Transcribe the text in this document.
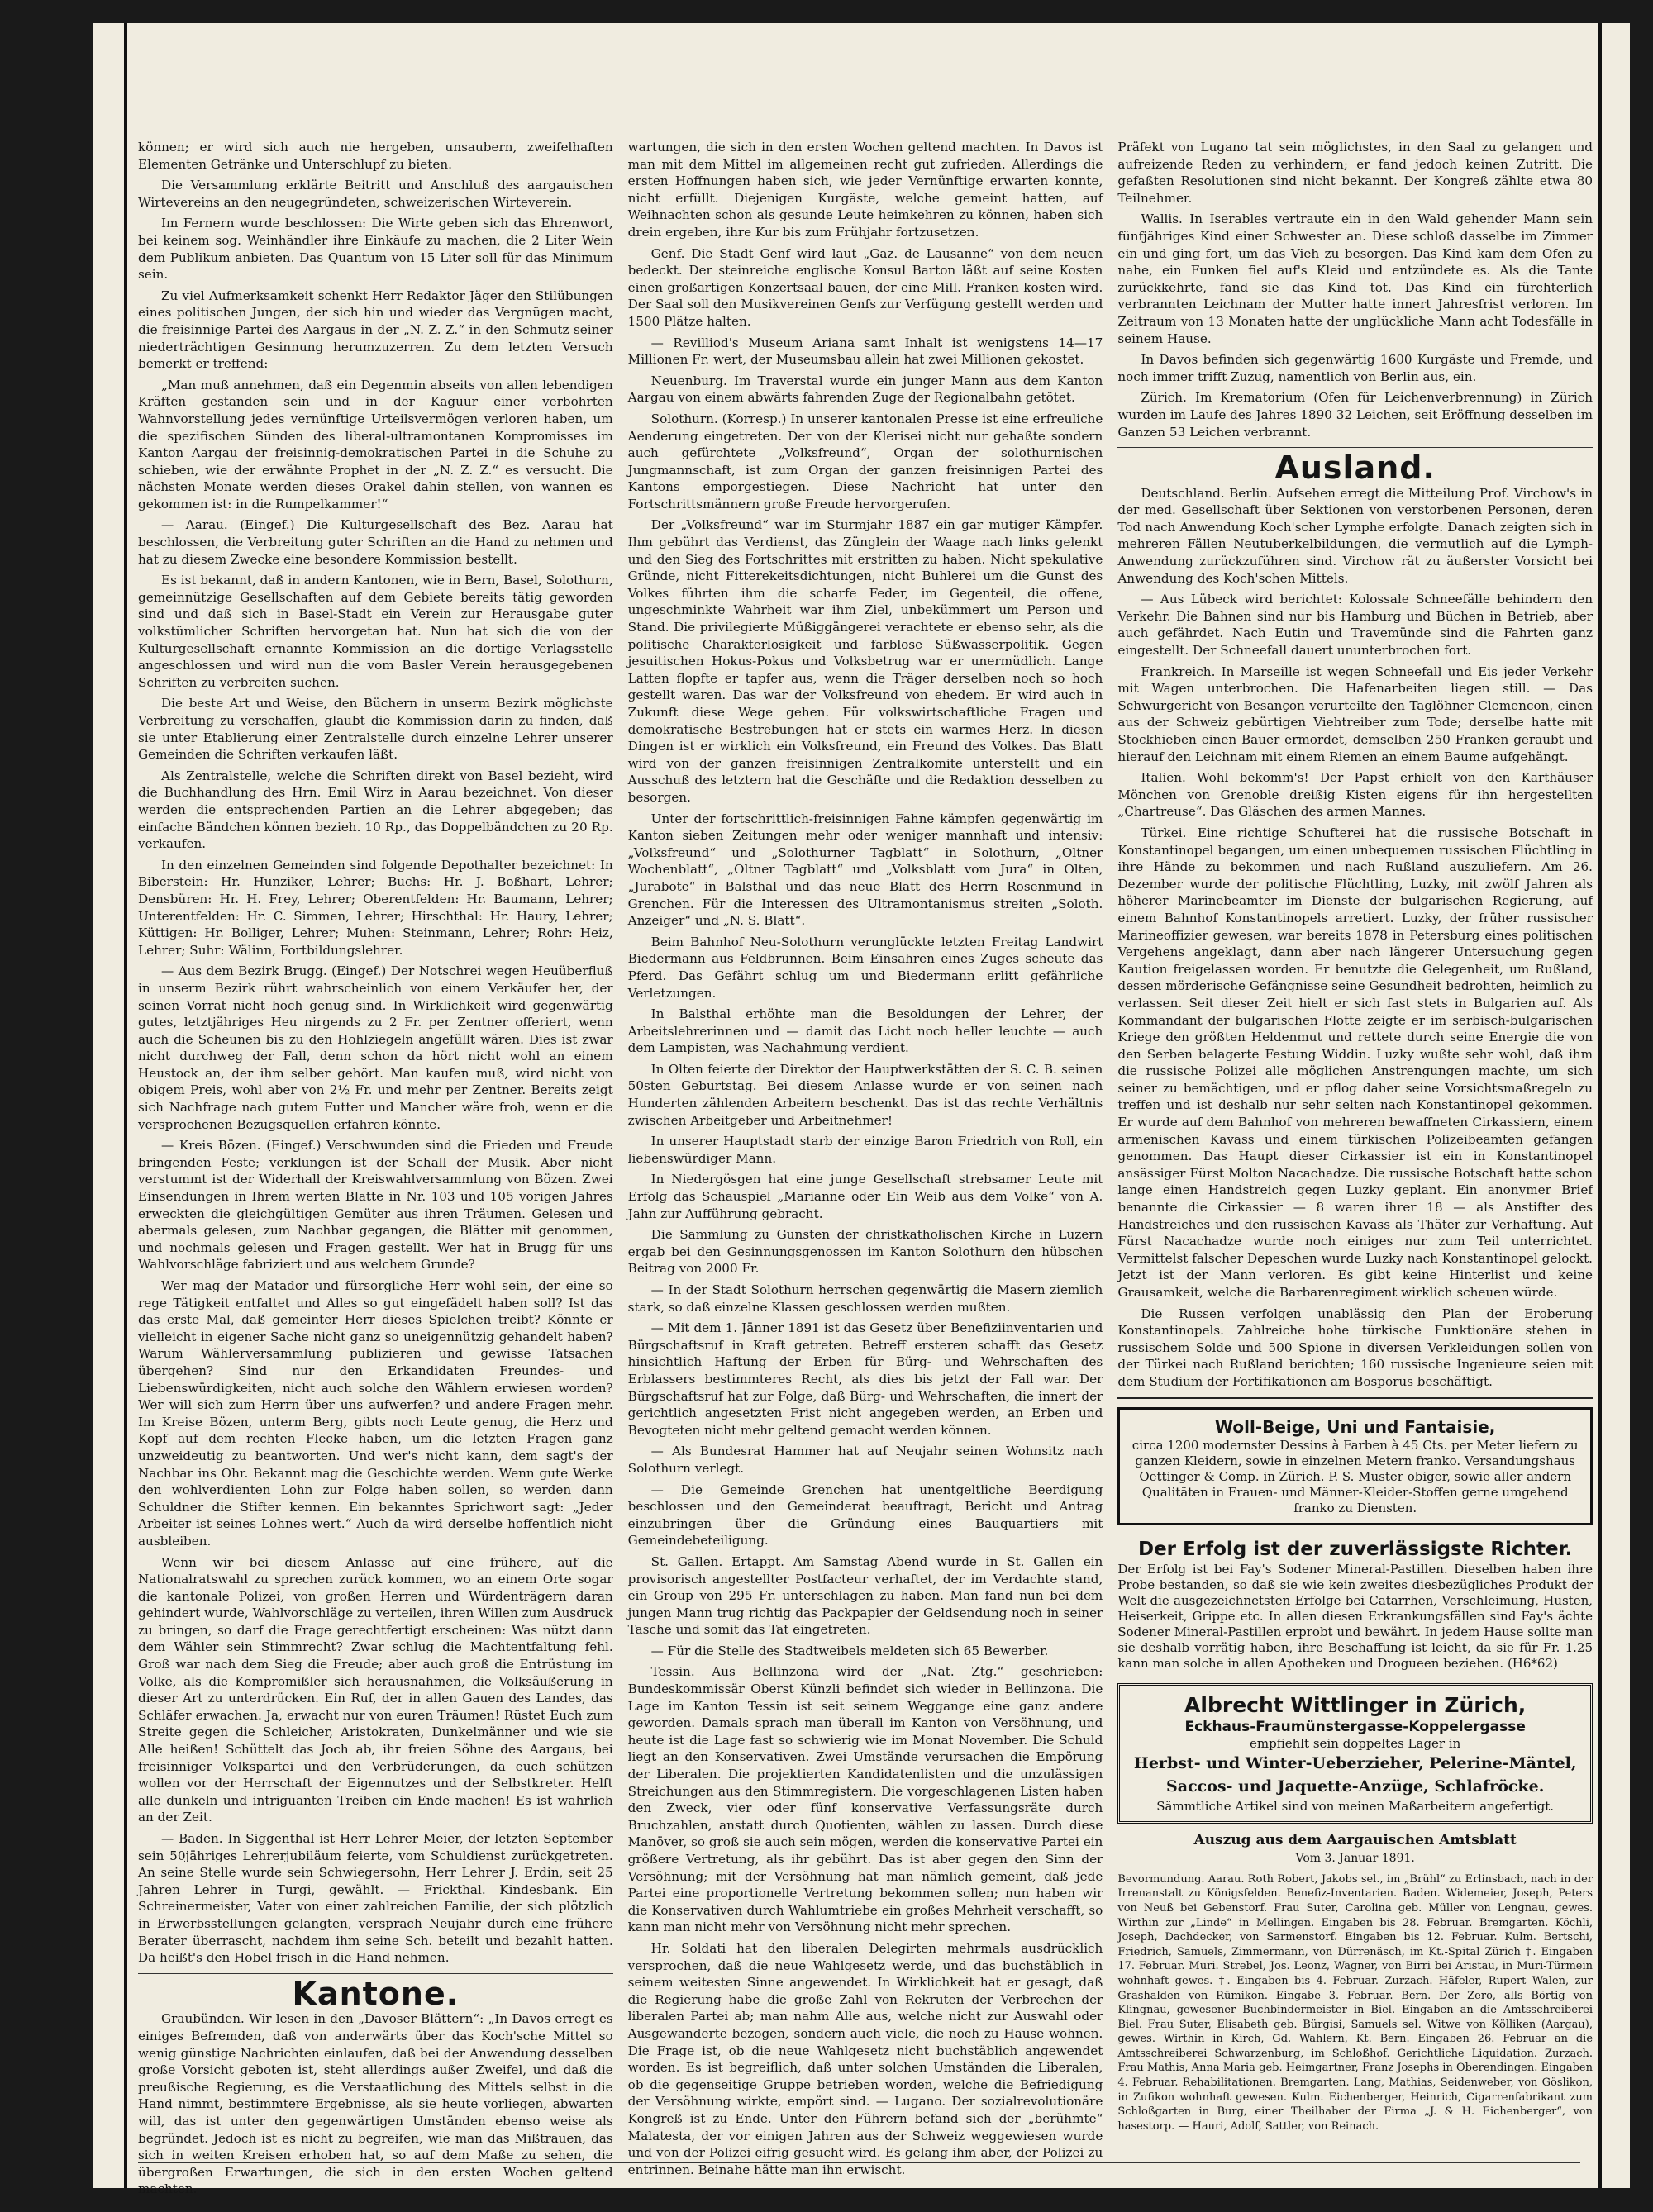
können; er wird sich auch nie hergeben, unsaubern, zweifelhaften Elementen Getränke und Unterschlupf zu bieten.

Die Versammlung erklärte Beitritt und Anschluß des aargauischen Wirtevereins an den neugegründeten, schweizerischen Wirteverein.

Im Fernern wurde beschlossen: Die Wirte geben sich das Ehrenwort, bei keinem sog. Weinhändler ihre Einkäufe zu machen, die 2 Liter Wein dem Publikum anbieten. Das Quantum von 15 Liter soll für das Minimum sein.

Zu viel Aufmerksamkeit schenkt Herr Redaktor Jäger den Stilübungen eines politischen Jungen, der sich hin und wieder das Vergnügen macht, die freisinnige Partei des Aargaus in der „N. Z. Z.“ in den Schmutz seiner niederträchtigen Gesinnung herumzuzerren. Zu dem letzten Versuch bemerkt er treffend:

„Man muß annehmen, daß ein Degenmin abseits von allen lebendigen Kräften gestanden sein und in der Kaguur einer verbohrten Wahnvorstellung jedes vernünftige Urteilsvermögen verloren haben, um die spezifischen Sünden des liberal-ultramontanen Kompromisses im Kanton Aargau der freisinnig-demokratischen Partei in die Schuhe zu schieben, wie der erwähnte Prophet in der „N. Z. Z.“ es versucht. Die nächsten Monate werden dieses Orakel dahin stellen, von wannen es gekommen ist: in die Rumpelkammer!“

— Aarau. (Eingef.) Die Kulturgesellschaft des Bez. Aarau hat beschlossen, die Verbreitung guter Schriften an die Hand zu nehmen und hat zu diesem Zwecke eine besondere Kommission bestellt.

Es ist bekannt, daß in andern Kantonen, wie in Bern, Basel, Solothurn, gemeinnützige Gesellschaften auf dem Gebiete bereits tätig geworden sind und daß sich in Basel-Stadt ein Verein zur Herausgabe guter volkstümlicher Schriften hervorgetan hat. Nun hat sich die von der Kulturgesellschaft ernannte Kommission an die dortige Verlagsstelle angeschlossen und wird nun die vom Basler Verein herausgegebenen Schriften zu verbreiten suchen.

Die beste Art und Weise, den Büchern in unserm Bezirk möglichste Verbreitung zu verschaffen, glaubt die Kommission darin zu finden, daß sie unter Etablierung einer Zentralstelle durch einzelne Lehrer unserer Gemeinden die Schriften verkaufen läßt.

Als Zentralstelle, welche die Schriften direkt von Basel bezieht, wird die Buchhandlung des Hrn. Emil Wirz in Aarau bezeichnet. Von dieser werden die entsprechenden Partien an die Lehrer abgegeben; das einfache Bändchen können bezieh. 10 Rp., das Doppelbändchen zu 20 Rp. verkaufen.

In den einzelnen Gemeinden sind folgende Depothalter bezeichnet: In Biberstein: Hr. Hunziker, Lehrer; Buchs: Hr. J. Boßhart, Lehrer; Densbüren: Hr. H. Frey, Lehrer; Oberentfelden: Hr. Baumann, Lehrer; Unterentfelden: Hr. C. Simmen, Lehrer; Hirschthal: Hr. Haury, Lehrer; Küttigen: Hr. Bolliger, Lehrer; Muhen: Steinmann, Lehrer; Rohr: Heiz, Lehrer; Suhr: Wälinn, Fortbildungslehrer.

— Aus dem Bezirk Brugg. (Eingef.) Der Notschrei wegen Heuüberfluß in unserm Bezirk rührt wahrscheinlich von einem Verkäufer her, der seinen Vorrat nicht hoch genug sind. In Wirklichkeit wird gegenwärtig gutes, letztjähriges Heu nirgends zu 2 Fr. per Zentner offeriert, wenn auch die Scheunen bis zu den Hohlziegeln angefüllt wären. Dies ist zwar nicht durchweg der Fall, denn schon da hört nicht wohl an einem Heustock an, der ihm selber gehört. Man kaufen muß, wird nicht von obigem Preis, wohl aber von 2½ Fr. und mehr per Zentner. Bereits zeigt sich Nachfrage nach gutem Futter und Mancher wäre froh, wenn er die versprochenen Bezugsquellen erfahren könnte.

— Kreis Bözen. (Eingef.) Verschwunden sind die Frieden und Freude bringenden Feste; verklungen ist der Schall der Musik. Aber nicht verstummt ist der Widerhall der Kreiswahlversammlung von Bözen. Zwei Einsendungen in Ihrem werten Blatte in Nr. 103 und 105 vorigen Jahres erweckten die gleichgültigen Gemüter aus ihren Träumen. Gelesen und abermals gelesen, zum Nachbar gegangen, die Blätter mit genommen, und nochmals gelesen und Fragen gestellt. Wer hat in Brugg für uns Wahlvorschläge fabriziert und aus welchem Grunde?

Wer mag der Matador und fürsorgliche Herr wohl sein, der eine so rege Tätigkeit entfaltet und Alles so gut eingefädelt haben soll? Ist das das erste Mal, daß gemeinter Herr dieses Spielchen treibt? Könnte er vielleicht in eigener Sache nicht ganz so uneigennützig gehandelt haben? Warum Wählerversammlung publizieren und gewisse Tatsachen übergehen? Sind nur den Erkandidaten Freundes- und Liebenswürdigkeiten, nicht auch solche den Wählern erwiesen worden? Wer will sich zum Herrn über uns aufwerfen? und andere Fragen mehr. Im Kreise Bözen, unterm Berg, gibts noch Leute genug, die Herz und Kopf auf dem rechten Flecke haben, um die letzten Fragen ganz unzweideutig zu beantworten. Und wer's nicht kann, dem sagt's der Nachbar ins Ohr. Bekannt mag die Geschichte werden. Wenn gute Werke den wohlverdienten Lohn zur Folge haben sollen, so werden dann Schuldner die Stifter kennen. Ein bekanntes Sprichwort sagt: „Jeder Arbeiter ist seines Lohnes wert.“ Auch da wird derselbe hoffentlich nicht ausbleiben.

Wenn wir bei diesem Anlasse auf eine frühere, auf die Nationalratswahl zu sprechen zurück kommen, wo an einem Orte sogar die kantonale Polizei, von großen Herren und Würdenträgern daran gehindert wurde, Wahlvorschläge zu verteilen, ihren Willen zum Ausdruck zu bringen, so darf die Frage gerechtfertigt erscheinen: Was nützt dann dem Wähler sein Stimmrecht? Zwar schlug die Machtentfaltung fehl. Groß war nach dem Sieg die Freude; aber auch groß die Entrüstung im Volke, als die Kompromißler sich herausnahmen, die Volksäußerung in dieser Art zu unterdrücken. Ein Ruf, der in allen Gauen des Landes, das Schläfer erwachen. Ja, erwacht nur von euren Träumen! Rüstet Euch zum Streite gegen die Schleicher, Aristokraten, Dunkelmänner und wie sie Alle heißen! Schüttelt das Joch ab, ihr freien Söhne des Aargaus, bei freisinniger Volkspartei und den Verbrüderungen, da euch schützen wollen vor der Herrschaft der Eigennutzes und der Selbstkreter. Helft alle dunkeln und intriguanten Treiben ein Ende machen! Es ist wahrlich an der Zeit.

— Baden. In Siggenthal ist Herr Lehrer Meier, der letzten September sein 50jähriges Lehrerjubiläum feierte, vom Schuldienst zurückgetreten. An seine Stelle wurde sein Schwiegersohn, Herr Lehrer J. Erdin, seit 25 Jahren Lehrer in Turgi, gewählt. — Frickthal. Kindesbank. Ein Schreinermeister, Vater von einer zahlreichen Familie, der sich plötzlich in Erwerbsstellungen gelangten, versprach Neujahr durch eine frühere Berater überrascht, nachdem ihm seine Sch. beteilt und bezahlt hatten. Da heißt's den Hobel frisch in die Hand nehmen.

Kantone.

Graubünden. Wir lesen in den „Davoser Blättern“: „In Davos erregt es einiges Befremden, daß von anderwärts über das Koch'sche Mittel so wenig günstige Nachrichten einlaufen, daß bei der Anwendung desselben große Vorsicht geboten ist, steht allerdings außer Zweifel, und daß die preußische Regierung, es die Verstaatlichung des Mittels selbst in die Hand nimmt, bestimmtere Ergebnisse, als sie heute vorliegen, abwarten will, das ist unter den gegenwärtigen Umständen ebenso weise als begründet. Jedoch ist es nicht zu begreifen, wie man das Mißtrauen, das sich in weiten Kreisen erhoben hat, so auf dem Maße zu sehen, die übergroßen Erwartungen, die sich in den ersten Wochen geltend machten.

wartungen, die sich in den ersten Wochen geltend machten. In Davos ist man mit dem Mittel im allgemeinen recht gut zufrieden. Allerdings die ersten Hoffnungen haben sich, wie jeder Vernünftige erwarten konnte, nicht erfüllt. Diejenigen Kurgäste, welche gemeint hatten, auf Weihnachten schon als gesunde Leute heimkehren zu können, haben sich drein ergeben, ihre Kur bis zum Frühjahr fortzusetzen.

Genf. Die Stadt Genf wird laut „Gaz. de Lausanne“ von dem neuen bedeckt. Der steinreiche englische Konsul Barton läßt auf seine Kosten einen großartigen Konzertsaal bauen, der eine Mill. Franken kosten wird. Der Saal soll den Musikvereinen Genfs zur Verfügung gestellt werden und 1500 Plätze halten.

— Revilliod's Museum Ariana samt Inhalt ist wenigstens 14—17 Millionen Fr. wert, der Museumsbau allein hat zwei Millionen gekostet.

Neuenburg. Im Traverstal wurde ein junger Mann aus dem Kanton Aargau von einem abwärts fahrenden Zuge der Regionalbahn getötet.

Solothurn. (Korresp.) In unserer kantonalen Presse ist eine erfreuliche Aenderung eingetreten. Der von der Klerisei nicht nur gehaßte sondern auch gefürchtete „Volksfreund“, Organ der solothurnischen Jungmannschaft, ist zum Organ der ganzen freisinnigen Partei des Kantons emporgestiegen. Diese Nachricht hat unter den Fortschrittsmännern große Freude hervorgerufen.

Der „Volksfreund“ war im Sturmjahr 1887 ein gar mutiger Kämpfer. Ihm gebührt das Verdienst, das Zünglein der Waage nach links gelenkt und den Sieg des Fortschrittes mit erstritten zu haben. Nicht spekulative Gründe, nicht Fitterekeitsdichtungen, nicht Buhlerei um die Gunst des Volkes führten ihm die scharfe Feder, im Gegenteil, die offene, ungeschminkte Wahrheit war ihm Ziel, unbekümmert um Person und Stand. Die privilegierte Müßiggängerei verachtete er ebenso sehr, als die politische Charakterlosigkeit und farblose Süßwasserpolitik. Gegen jesuitischen Hokus-Pokus und Volksbetrug war er unermüdlich. Lange Latten flopfte er tapfer aus, wenn die Träger derselben noch so hoch gestellt waren. Das war der Volksfreund von ehedem. Er wird auch in Zukunft diese Wege gehen. Für volkswirtschaftliche Fragen und demokratische Bestrebungen hat er stets ein warmes Herz. In diesen Dingen ist er wirklich ein Volksfreund, ein Freund des Volkes. Das Blatt wird von der ganzen freisinnigen Zentralkomite unterstellt und ein Ausschuß des letztern hat die Geschäfte und die Redaktion desselben zu besorgen.

Unter der fortschrittlich-freisinnigen Fahne kämpfen gegenwärtig im Kanton sieben Zeitungen mehr oder weniger mannhaft und intensiv: „Volksfreund“ und „Solothurner Tagblatt“ in Solothurn, „Oltner Wochenblatt“, „Oltner Tagblatt“ und „Volksblatt vom Jura“ in Olten, „Jurabote“ in Balsthal und das neue Blatt des Herrn Rosenmund in Grenchen. Für die Interessen des Ultramontanismus streiten „Soloth. Anzeiger“ und „N. S. Blatt“.

Beim Bahnhof Neu-Solothurn verunglückte letzten Freitag Landwirt Biedermann aus Feldbrunnen. Beim Einsahren eines Zuges scheute das Pferd. Das Gefährt schlug um und Biedermann erlitt gefährliche Verletzungen.

In Balsthal erhöhte man die Besoldungen der Lehrer, der Arbeitslehrerinnen und — damit das Licht noch heller leuchte — auch dem Lampisten, was Nachahmung verdient.

In Olten feierte der Direktor der Hauptwerkstätten der S. C. B. seinen 50sten Geburtstag. Bei diesem Anlasse wurde er von seinen nach Hunderten zählenden Arbeitern beschenkt. Das ist das rechte Verhältnis zwischen Arbeitgeber und Arbeitnehmer!

In unserer Hauptstadt starb der einzige Baron Friedrich von Roll, ein liebenswürdiger Mann.

In Niedergösgen hat eine junge Gesellschaft strebsamer Leute mit Erfolg das Schauspiel „Marianne oder Ein Weib aus dem Volke“ von A. Jahn zur Aufführung gebracht.

Die Sammlung zu Gunsten der christkatholischen Kirche in Luzern ergab bei den Gesinnungsgenossen im Kanton Solothurn den hübschen Beitrag von 2000 Fr.

— In der Stadt Solothurn herrschen gegenwärtig die Masern ziemlich stark, so daß einzelne Klassen geschlossen werden mußten.

— Mit dem 1. Jänner 1891 ist das Gesetz über Benefiziinventarien und Bürgschaftsruf in Kraft getreten. Betreff ersteren schafft das Gesetz hinsichtlich Haftung der Erben für Bürg- und Wehrschaften des Erblassers bestimmteres Recht, als dies bis jetzt der Fall war. Der Bürgschaftsruf hat zur Folge, daß Bürg- und Wehrschaften, die innert der gerichtlich angesetzten Frist nicht angegeben werden, an Erben und Bevogteten nicht mehr geltend gemacht werden können.

— Als Bundesrat Hammer hat auf Neujahr seinen Wohnsitz nach Solothurn verlegt.

— Die Gemeinde Grenchen hat unentgeltliche Beerdigung beschlossen und den Gemeinderat beauftragt, Bericht und Antrag einzubringen über die Gründung eines Bauquartiers mit Gemeindebeteiligung.

St. Gallen. Ertappt. Am Samstag Abend wurde in St. Gallen ein provisorisch angestellter Postfacteur verhaftet, der im Verdachte stand, ein Group von 295 Fr. unterschlagen zu haben. Man fand nun bei dem jungen Mann trug richtig das Packpapier der Geldsendung noch in seiner Tasche und somit das Tat eingetreten.

— Für die Stelle des Stadtweibels meldeten sich 65 Bewerber.

Tessin. Aus Bellinzona wird der „Nat. Ztg.“ geschrieben: Bundeskommissär Oberst Künzli befindet sich wieder in Bellinzona. Die Lage im Kanton Tessin ist seit seinem Weggange eine ganz andere geworden. Damals sprach man überall im Kanton von Versöhnung, und heute ist die Lage fast so schwierig wie im Monat November. Die Schuld liegt an den Konservativen. Zwei Umstände verursachen die Empörung der Liberalen. Die projektierten Kandidatenlisten und die unzulässigen Streichungen aus den Stimmregistern. Die vorgeschlagenen Listen haben den Zweck, vier oder fünf konservative Verfassungsräte durch Bruchzahlen, anstatt durch Quotienten, wählen zu lassen. Durch diese Manöver, so groß sie auch sein mögen, werden die konservative Partei ein größere Vertretung, als ihr gebührt. Das ist aber gegen den Sinn der Versöhnung; mit der Versöhnung hat man nämlich gemeint, daß jede Partei eine proportionelle Vertretung bekommen sollen; nun haben wir die Konservativen durch Wahlumtriebe ein großes Mehrheit verschafft, so kann man nicht mehr von Versöhnung nicht mehr sprechen.

Hr. Soldati hat den liberalen Delegirten mehrmals ausdrücklich versprochen, daß die neue Wahlgesetz werde, und das buchstäblich in seinem weitesten Sinne angewendet. In Wirklichkeit hat er gesagt, daß die Regierung habe die große Zahl von Rekruten der Verbrechen der liberalen Partei ab; man nahm Alle aus, welche nicht zur Auswahl oder Ausgewanderte bezogen, sondern auch viele, die noch zu Hause wohnen. Die Frage ist, ob die neue Wahlgesetz nicht buchstäblich angewendet worden. Es ist begreiflich, daß unter solchen Umständen die Liberalen, ob die gegenseitige Gruppe betrieben worden, welche die Befriedigung der Versöhnung wirkte, empört sind. — Lugano. Der sozialrevolutionäre Kongreß ist zu Ende. Unter den Führern befand sich der „berühmte“ Malatesta, der vor einigen Jahren aus der Schweiz weggewiesen wurde und von der Polizei eifrig gesucht wird. Es gelang ihm aber, der Polizei zu entrinnen. Beinahe hätte man ihn erwischt.

Präfekt von Lugano tat sein möglichstes, in den Saal zu gelangen und aufreizende Reden zu verhindern; er fand jedoch keinen Zutritt. Die gefaßten Resolutionen sind nicht bekannt. Der Kongreß zählte etwa 80 Teilnehmer.

Wallis. In Iserables vertraute ein in den Wald gehender Mann sein fünfjähriges Kind einer Schwester an. Diese schloß dasselbe im Zimmer ein und ging fort, um das Vieh zu besorgen. Das Kind kam dem Ofen zu nahe, ein Funken fiel auf's Kleid und entzündete es. Als die Tante zurückkehrte, fand sie das Kind tot. Das Kind ein fürchterlich verbrannten Leichnam der Mutter hatte innert Jahresfrist verloren. Im Zeitraum von 13 Monaten hatte der unglückliche Mann acht Todesfälle in seinem Hause.

In Davos befinden sich gegenwärtig 1600 Kurgäste und Fremde, und noch immer trifft Zuzug, namentlich von Berlin aus, ein.

Zürich. Im Krematorium (Ofen für Leichenverbrennung) in Zürich wurden im Laufe des Jahres 1890 32 Leichen, seit Eröffnung desselben im Ganzen 53 Leichen verbrannt.

Ausland.

Deutschland. Berlin. Aufsehen erregt die Mitteilung Prof. Virchow's in der med. Gesellschaft über Sektionen von verstorbenen Personen, deren Tod nach Anwendung Koch'scher Lymphe erfolgte. Danach zeigten sich in mehreren Fällen Neutuberkelbildungen, die vermutlich auf die Lymph-Anwendung zurückzuführen sind. Virchow rät zu äußerster Vorsicht bei Anwendung des Koch'schen Mittels.

— Aus Lübeck wird berichtet: Kolossale Schneefälle behindern den Verkehr. Die Bahnen sind nur bis Hamburg und Büchen in Betrieb, aber auch gefährdet. Nach Eutin und Travemünde sind die Fahrten ganz eingestellt. Der Schneefall dauert ununterbrochen fort.

Frankreich. In Marseille ist wegen Schneefall und Eis jeder Verkehr mit Wagen unterbrochen. Die Hafenarbeiten liegen still. — Das Schwurgericht von Besançon verurteilte den Taglöhner Clemencon, einen aus der Schweiz gebürtigen Viehtreiber zum Tode; derselbe hatte mit Stockhieben einen Bauer ermordet, demselben 250 Franken geraubt und hierauf den Leichnam mit einem Riemen an einem Baume aufgehängt.

Italien. Wohl bekomm's! Der Papst erhielt von den Karthäuser Mönchen von Grenoble dreißig Kisten eigens für ihn hergestellten „Chartreuse“. Das Gläschen des armen Mannes.

Türkei. Eine richtige Schufterei hat die russische Botschaft in Konstantinopel begangen, um einen unbequemen russischen Flüchtling in ihre Hände zu bekommen und nach Rußland auszuliefern. Am 26. Dezember wurde der politische Flüchtling, Luzky, mit zwölf Jahren als höherer Marinebeamter im Dienste der bulgarischen Regierung, auf einem Bahnhof Konstantinopels arretiert. Luzky, der früher russischer Marineoffizier gewesen, war bereits 1878 in Petersburg eines politischen Vergehens angeklagt, dann aber nach längerer Untersuchung gegen Kaution freigelassen worden. Er benutzte die Gelegenheit, um Rußland, dessen mörderische Gefängnisse seine Gesundheit bedrohten, heimlich zu verlassen. Seit dieser Zeit hielt er sich fast stets in Bulgarien auf. Als Kommandant der bulgarischen Flotte zeigte er im serbisch-bulgarischen Kriege den größten Heldenmut und rettete durch seine Energie die von den Serben belagerte Festung Widdin. Luzky wußte sehr wohl, daß ihm die russische Polizei alle möglichen Anstrengungen machte, um sich seiner zu bemächtigen, und er pflog daher seine Vorsichtsmaßregeln zu treffen und ist deshalb nur sehr selten nach Konstantinopel gekommen. Er wurde auf dem Bahnhof von mehreren bewaffneten Cirkassiern, einem armenischen Kavass und einem türkischen Polizeibeamten gefangen genommen. Das Haupt dieser Cirkassier ist ein in Konstantinopel ansässiger Fürst Molton Nacachadze. Die russische Botschaft hatte schon lange einen Handstreich gegen Luzky geplant. Ein anonymer Brief benannte die Cirkassier — 8 waren ihrer 18 — als Anstifter des Handstreiches und den russischen Kavass als Thäter zur Verhaftung. Auf Fürst Nacachadze wurde noch einiges nur zum Teil unterrichtet. Vermittelst falscher Depeschen wurde Luzky nach Konstantinopel gelockt. Jetzt ist der Mann verloren. Es gibt keine Hinterlist und keine Grausamkeit, welche die Barbarenregiment wirklich scheuen würde.

Die Russen verfolgen unablässig den Plan der Eroberung Konstantinopels. Zahlreiche hohe türkische Funktionäre stehen in russischem Solde und 500 Spione in diversen Verkleidungen sollen von der Türkei nach Rußland berichten; 160 russische Ingenieure seien mit dem Studium der Fortifikationen am Bosporus beschäftigt.

Woll-Beige, Uni und Fantaisie,
circa 1200 modernster Dessins à Farben à 45 Cts. per Meter liefern zu ganzen Kleidern, sowie in einzelnen Metern franko. Versandungshaus Oettinger & Comp. in Zürich. P. S. Muster obiger, sowie aller andern Qualitäten in Frauen- und Männer-Kleider-Stoffen gerne umgehend franko zu Diensten.
Der Erfolg ist der zuverlässigste Richter.
Der Erfolg ist bei Fay's Sodener Mineral-Pastillen. Dieselben haben ihre Probe bestanden, so daß sie wie kein zweites diesbezügliches Produkt der Welt die ausgezeichnetsten Erfolge bei Catarrhen, Verschleimung, Husten, Heiserkeit, Grippe etc. In allen diesen Erkrankungsfällen sind Fay's ächte Sodener Mineral-Pastillen erprobt und bewährt. In jedem Hause sollte man sie deshalb vorrätig haben, ihre Beschaffung ist leicht, da sie für Fr. 1.25 kann man solche in allen Apotheken und Drogueen beziehen. (H6*62)
Albrecht Wittlinger in Zürich,
Eckhaus-Fraumünstergasse-Koppelergasse
empfiehlt sein doppeltes Lager in

Herbst- und Winter-Ueberzieher, Pelerine-Mäntel, Saccos- und Jaquette-Anzüge, Schlafröcke.
Sämmtliche Artikel sind von meinen Maßarbeitern angefertigt.
Auszug aus dem Aargauischen Amtsblatt
Vom 3. Januar 1891.
Bevormundung. Aarau. Roth Robert, Jakobs sel., im „Brühl“ zu Erlinsbach, nach in der Irrenanstalt zu Königsfelden. Benefiz-Inventarien. Baden. Widemeier, Joseph, Peters von Neuß bei Gebenstorf. Frau Suter, Carolina geb. Müller von Lengnau, gewes. Wirthin zur „Linde“ in Mellingen. Eingaben bis 28. Februar. Bremgarten. Köchli, Joseph, Dachdecker, von Sarmenstorf. Eingaben bis 12. Februar. Kulm. Bertschi, Friedrich, Samuels, Zimmermann, von Dürrenäsch, im Kt.-Spital Zürich †. Eingaben 17. Februar. Muri. Strebel, Jos. Leonz, Wagner, von Birri bei Aristau, in Muri-Türmein wohnhaft gewes. †. Eingaben bis 4. Februar. Zurzach. Häfeler, Rupert Walen, zur Grashalden von Rümikon. Eingabe 3. Februar. Bern. Der Zero, alls Börtig von Klingnau, gewesener Buchbindermeister in Biel. Eingaben an die Amtsschreiberei Biel. Frau Suter, Elisabeth geb. Bürgisi, Samuels sel. Witwe von Kölliken (Aargau), gewes. Wirthin in Kirch, Gd. Wahlern, Kt. Bern. Eingaben 26. Februar an die Amtsschreiberei Schwarzenburg, im Schloßhof. Gerichtliche Liquidation. Zurzach. Frau Mathis, Anna Maria geb. Heimgartner, Franz Josephs in Oberendingen. Eingaben 4. Februar. Rehabilitationen. Bremgarten. Lang, Mathias, Seidenweber, von Göslikon, in Zufikon wohnhaft gewesen. Kulm. Eichenberger, Heinrich, Cigarrenfabrikant zum Schloßgarten in Burg, einer Theilhaber der Firma „J. & H. Eichenberger“, von hasestorp. — Hauri, Adolf, Sattler, von Reinach.
